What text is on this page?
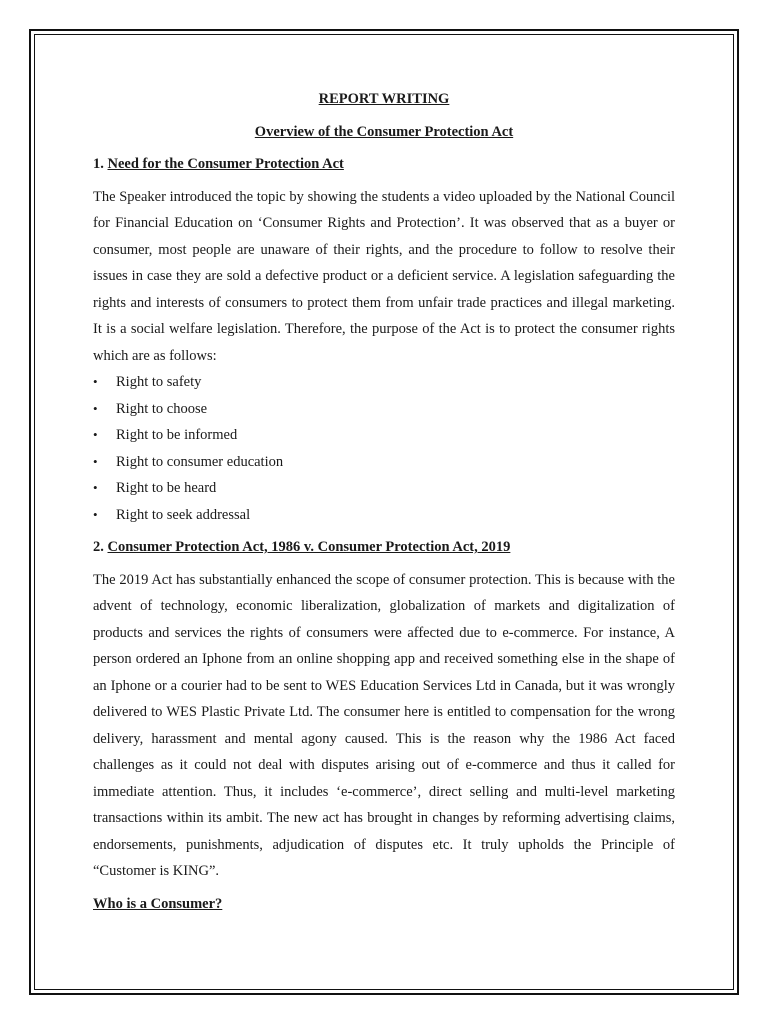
REPORT WRITING
Overview of the Consumer Protection Act
1. Need for the Consumer Protection Act

The Speaker introduced the topic by showing the students a video uploaded by the National Council for Financial Education on ‘Consumer Rights and Protection’. It was observed that as a buyer or consumer, most people are unaware of their rights, and the procedure to follow to resolve their issues in case they are sold a defective product or a deficient service. A legislation safeguarding the rights and interests of consumers to protect them from unfair trade practices and illegal marketing. It is a social welfare legislation. Therefore, the purpose of the Act is to protect the consumer rights which are as follows:

• Right to safety
• Right to choose
• Right to be informed
• Right to consumer education
• Right to be heard
• Right to seek addressal
2. Consumer Protection Act, 1986 v. Consumer Protection Act, 2019

The 2019 Act has substantially enhanced the scope of consumer protection. This is because with the advent of technology, economic liberalization, globalization of markets and digitalization of products and services the rights of consumers were affected due to e-commerce. For instance, A person ordered an Iphone from an online shopping app and received something else in the shape of an Iphone or a courier had to be sent to WES Education Services Ltd in Canada, but it was wrongly delivered to WES Plastic Private Ltd. The consumer here is entitled to compensation for the wrong delivery, harassment and mental agony caused. This is the reason why the 1986 Act faced challenges as it could not deal with disputes arising out of e-commerce and thus it called for immediate attention. Thus, it includes ‘e-commerce’, direct selling and multi-level marketing transactions within its ambit. The new act has brought in changes by reforming advertising claims, endorsements, punishments, adjudication of disputes etc. It truly upholds the Principle of “Customer is KING”.

Who is a Consumer?
